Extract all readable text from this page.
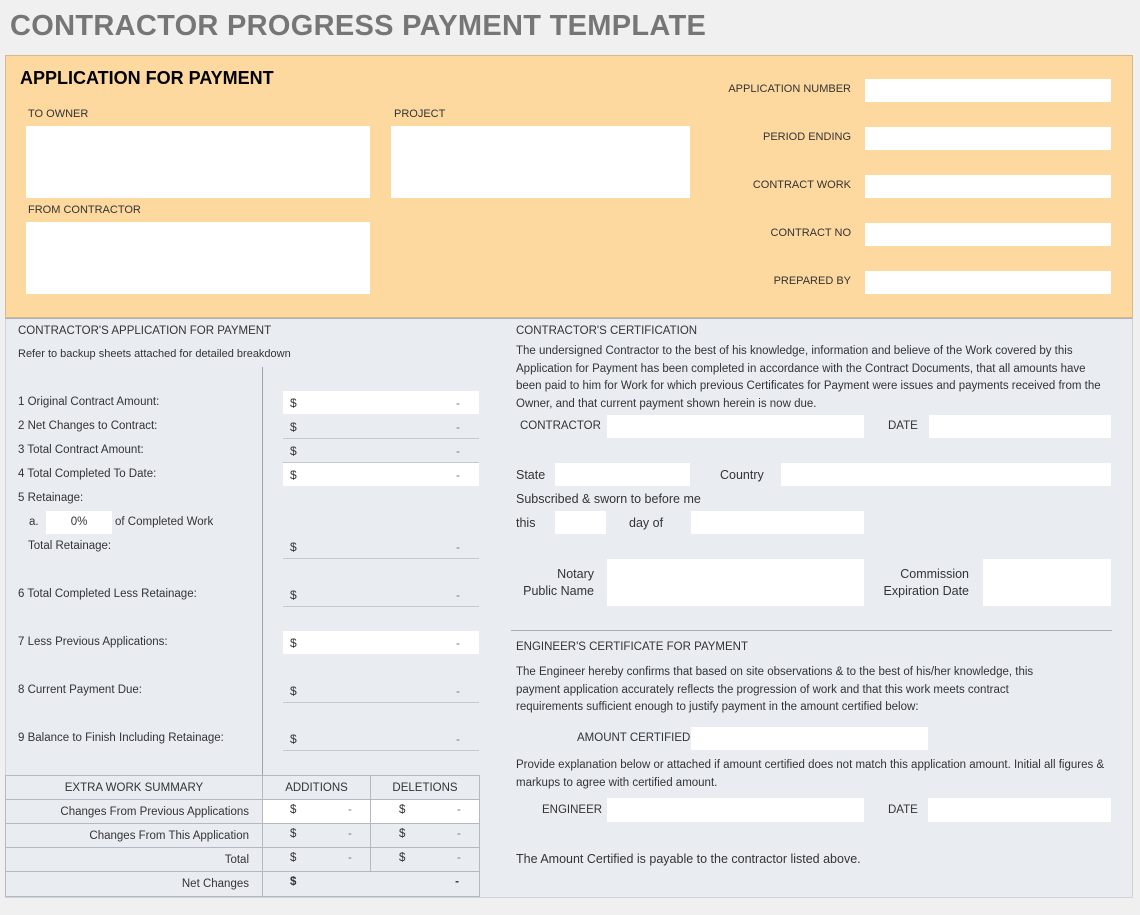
CONTRACTOR PROGRESS PAYMENT TEMPLATE
APPLICATION FOR PAYMENT
TO OWNER	PROJECT
FROM CONTRACTOR
APPLICATION NUMBER
PERIOD ENDING
CONTRACT WORK
CONTRACT NO
PREPARED BY
CONTRACTOR'S APPLICATION FOR PAYMENT
Refer to backup sheets attached for detailed breakdown
1 Original Contract Amount:	$	-
2 Net Changes to Contract:	$	-
3 Total Contract Amount:	$	-
4 Total Completed To Date:	$	-
5 Retainage:
a.	0%	of Completed Work
Total Retainage:	$	-
6 Total Completed Less Retainage:	$	-
7 Less Previous Applications:	$	-
8 Current Payment Due:	$	-
9 Balance to Finish Including Retainage:	$	-
EXTRA WORK SUMMARY	ADDITIONS	DELETIONS
Changes From Previous Applications	$ -	$ -

Changes From This Application	$ -	$ -

Total	$ -	$ -

Net Changes	$ -	
CONTRACTOR'S CERTIFICATION
The undersigned Contractor to the best of his knowledge, information and believe of the Work covered by this Application for Payment has been completed in accordance with the Contract Documents, that all amounts have been paid to him for Work for which previous Certificates for Payment were issues and payments received from the Owner, and that current payment shown herein is now due.
CONTRACTOR	DATE
State	Country
Subscribed & sworn to before me
this	day of
Notary
Public Name
Commission
Expiration Date
ENGINEER'S CERTIFICATE FOR PAYMENT
The Engineer hereby confirms that based on site observations & to the best of his/her knowledge, this payment application accurately reflects the progression of work and that this work meets contract requirements sufficient enough to justify payment in the amount certified below:
AMOUNT CERTIFIED
Provide explanation below or attached if amount certified does not match this application amount. Initial all figures & markups to agree with certified amount.
ENGINEER	DATE
The Amount Certified is payable to the contractor listed above.
